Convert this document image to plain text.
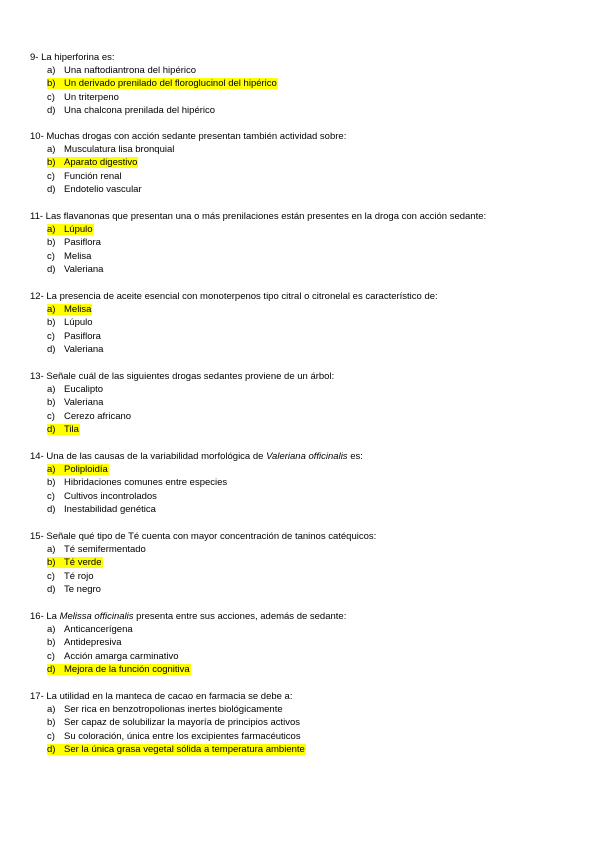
9- La hiperforina es:
a) Una naftodiantrona del hipérico
b) Un derivado prenilado del floroglucinol del hipérico
c) Un triterpeno
d) Una chalcona prenilada del hipérico
10- Muchas drogas con acción sedante presentan también actividad sobre:
a) Musculatura lisa bronquial
b) Aparato digestivo
c) Función renal
d) Endotelio vascular
11- Las flavanonas que presentan una o más prenilaciones están presentes en la droga con acción sedante:
a) Lúpulo
b) Pasiflora
c) Melisa
d) Valeriana
12- La presencia de aceite esencial con monoterpenos tipo citral o citronelal es característico de:
a) Melisa
b) Lúpulo
c) Pasiflora
d) Valeriana
13- Señale cuál de las siguientes drogas sedantes proviene de un árbol:
a) Eucalipto
b) Valeriana
c) Cerezo africano
d) Tila
14- Una de las causas de la variabilidad morfológica de Valeriana officinalis es:
a) Poliploidía
b) Hibridaciones comunes entre especies
c) Cultivos incontrolados
d) Inestabilidad genética
15- Señale qué tipo de Té cuenta con mayor concentración de taninos catéquicos:
a) Té semifermentado
b) Té verde
c) Té rojo
d) Te negro
16- La Melissa officinalis presenta entre sus acciones, además de sedante:
a) Anticancerígena
b) Antidepresiva
c) Acción amarga carminativo
d) Mejora de la función cognitiva
17- La utilidad en la manteca de cacao en farmacia se debe a:
a) Ser rica en benzotropolionas inertes biológicamente
b) Ser capaz de solubilizar la mayoría de principios activos
c) Su coloración, única entre los excipientes farmacéuticos
d) Ser la única grasa vegetal sólida a temperatura ambiente
